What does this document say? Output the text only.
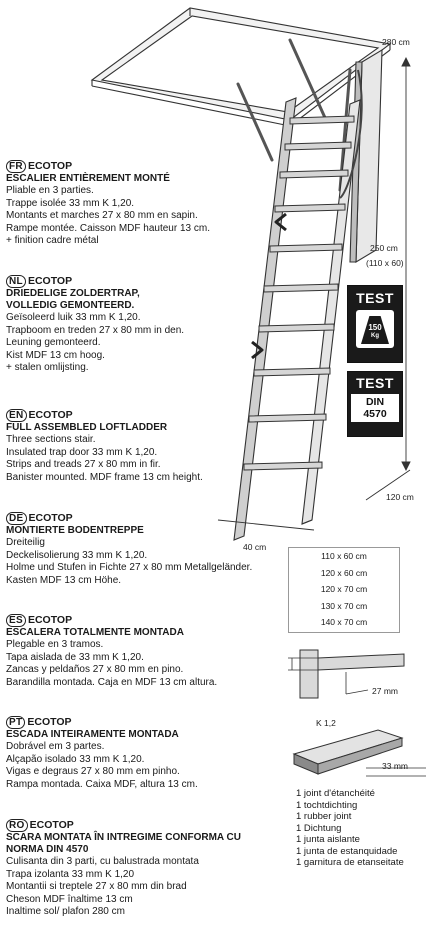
280 cm
250 cm
(110 x 60)
120 cm
40 cm
TEST
150
Kg
TEST
DIN
4570
110 x 60 cm
120 x 60 cm
120 x 70 cm
130 x 70 cm
140 x 70 cm
27 mm
K 1,2
33 mm
1 joint d'étanchéité
1 tochtdichting
1 rubber joint
1 Dichtung
1 junta aislante
1 junta de estanquidade
1 garnitura de etanseitate
FR ECOTOP
ESCALIER ENTIÈREMENT MONTÉ
Pliable en 3 parties.
Trappe isolée 33 mm K 1,20.
Montants et marches 27 x 80 mm en sapin.
Rampe montée. Caisson MDF hauteur 13 cm.
+ finition cadre métal
NL ECOTOP
DRIEDELIGE ZOLDERTRAP,
VOLLEDIG GEMONTEERD.
Geïsoleerd luik 33 mm K 1,20.
Trapboom en treden 27 x 80 mm in den.
Leuning gemonteerd.
Kist MDF 13 cm hoog.
+ stalen omlijsting.
EN ECOTOP
FULL ASSEMBLED LOFTLADDER
Three sections stair.
Insulated trap door 33 mm K 1,20.
Strips and treads 27 x 80 mm in fir.
Banister mounted. MDF frame 13 cm height.
DE ECOTOP
MONTIERTE BODENTREPPE
Dreiteilig
Deckelisolierung 33 mm K 1,20.
Holme und Stufen in Fichte 27 x 80 mm Metallgeländer.
Kasten MDF 13 cm Höhe.
ES ECOTOP
ESCALERA TOTALMENTE MONTADA
Plegable en 3 tramos.
Tapa aislada de 33 mm K 1,20.
Zancas y peldaños 27 x 80 mm en pino.
Barandilla montada. Caja en MDF 13 cm altura.
PT ECOTOP
ESCADA INTEIRAMENTE MONTADA
Dobrável em 3 partes.
Alçapão isolado 33 mm K 1,20.
Vigas e degraus 27 x 80 mm em pinho.
Rampa montada. Caixa MDF, altura 13 cm.
RO ECOTOP
SCARA MONTATA ÎN INTREGIME CONFORMA CU
NORMA DIN 4570
Culisanta din 3 parti, cu balustrada montata
Trapa izolanta 33 mm K 1,20
Montantii si treptele 27 x 80 mm din brad
Cheson MDF înaltime 13 cm
Inaltime sol/ plafon 280 cm
